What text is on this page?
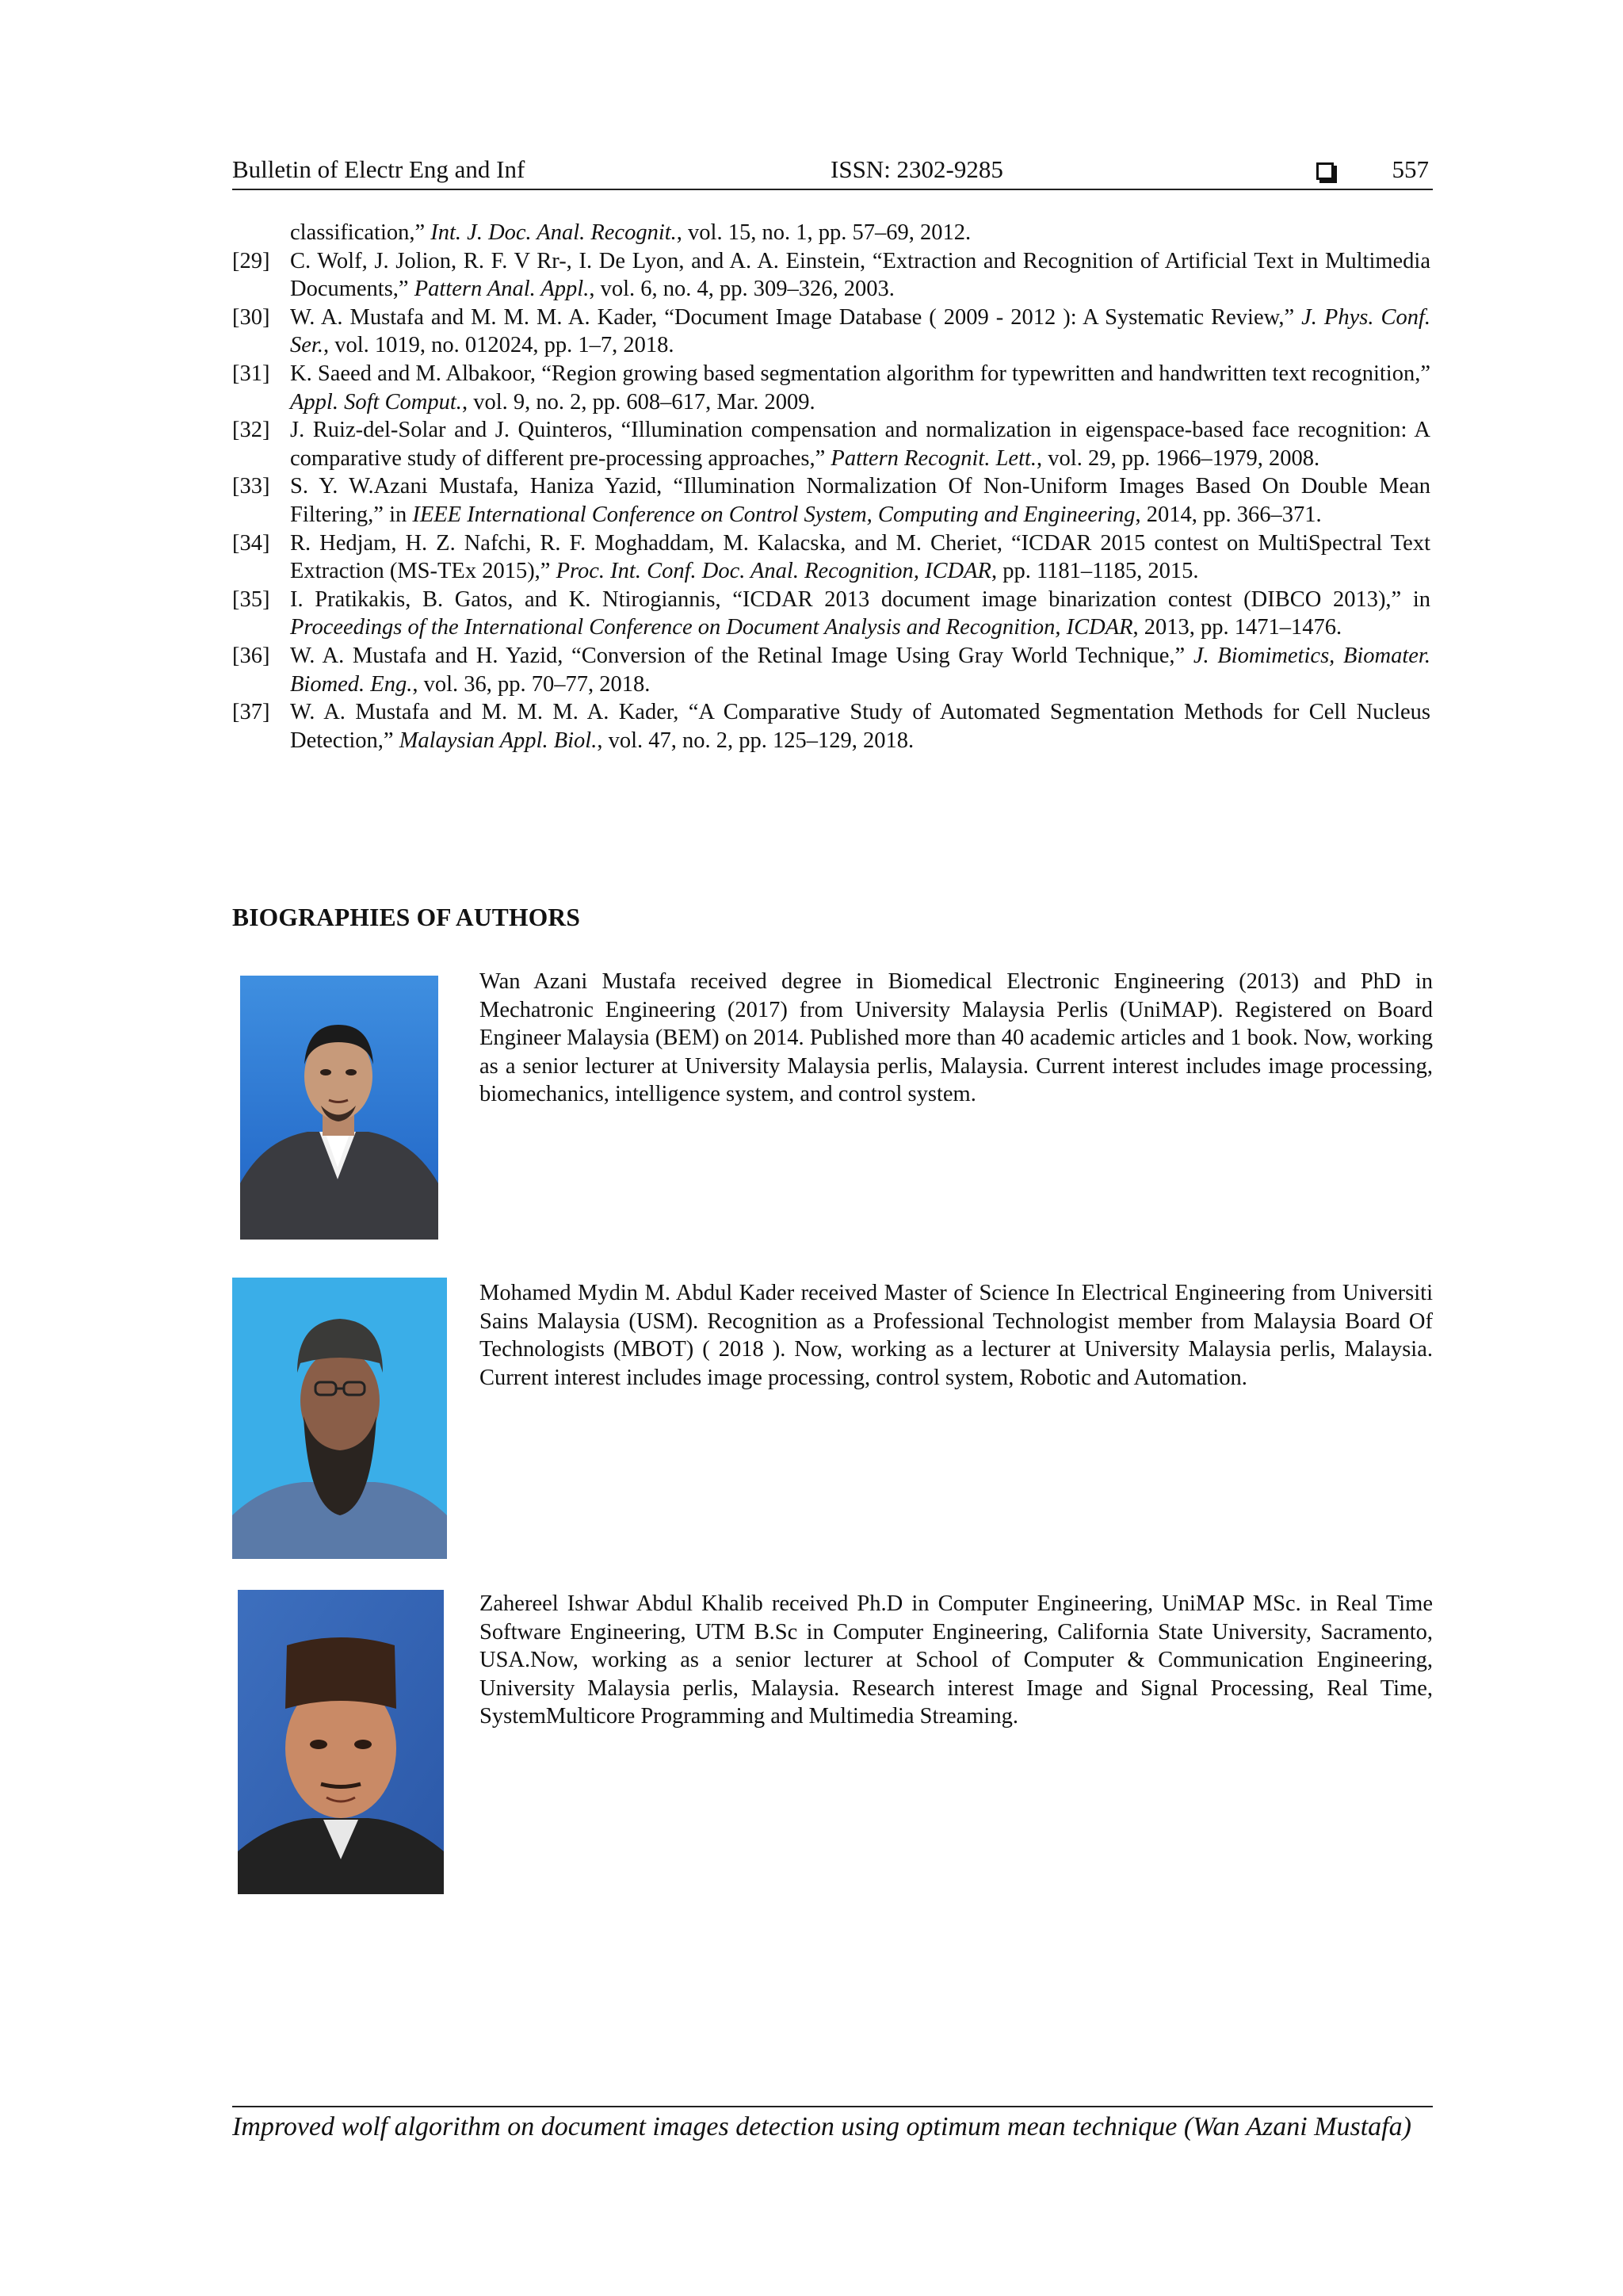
Bulletin of Electr Eng and Inf	ISSN: 2302-9285	557
classification,” Int. J. Doc. Anal. Recognit., vol. 15, no. 1, pp. 57–69, 2012.
[29] C. Wolf, J. Jolion, R. F. V Rr-, I. De Lyon, and A. A. Einstein, “Extraction and Recognition of Artificial Text in Multimedia Documents,” Pattern Anal. Appl., vol. 6, no. 4, pp. 309–326, 2003.
[30] W. A. Mustafa and M. M. M. A. Kader, “Document Image Database ( 2009 - 2012 ): A Systematic Review,” J. Phys. Conf. Ser., vol. 1019, no. 012024, pp. 1–7, 2018.
[31] K. Saeed and M. Albakoor, “Region growing based segmentation algorithm for typewritten and handwritten text recognition,” Appl. Soft Comput., vol. 9, no. 2, pp. 608–617, Mar. 2009.
[32] J. Ruiz-del-Solar and J. Quinteros, “Illumination compensation and normalization in eigenspace-based face recognition: A comparative study of different pre-processing approaches,” Pattern Recognit. Lett., vol. 29, pp. 1966–1979, 2008.
[33] S. Y. W.Azani Mustafa, Haniza Yazid, “Illumination Normalization Of Non-Uniform Images Based On Double Mean Filtering,” in IEEE International Conference on Control System, Computing and Engineering, 2014, pp. 366–371.
[34] R. Hedjam, H. Z. Nafchi, R. F. Moghaddam, M. Kalacska, and M. Cheriet, “ICDAR 2015 contest on MultiSpectral Text Extraction (MS-TEx 2015),” Proc. Int. Conf. Doc. Anal. Recognition, ICDAR, pp. 1181–1185, 2015.
[35] I. Pratikakis, B. Gatos, and K. Ntirogiannis, “ICDAR 2013 document image binarization contest (DIBCO 2013),” in Proceedings of the International Conference on Document Analysis and Recognition, ICDAR, 2013, pp. 1471–1476.
[36] W. A. Mustafa and H. Yazid, “Conversion of the Retinal Image Using Gray World Technique,” J. Biomimetics, Biomater. Biomed. Eng., vol. 36, pp. 70–77, 2018.
[37] W. A. Mustafa and M. M. M. A. Kader, “A Comparative Study of Automated Segmentation Methods for Cell Nucleus Detection,” Malaysian Appl. Biol., vol. 47, no. 2, pp. 125–129, 2018.
BIOGRAPHIES OF AUTHORS
Wan Azani Mustafa received degree in Biomedical Electronic Engineering (2013) and PhD in Mechatronic Engineering (2017) from University Malaysia Perlis (UniMAP). Registered on Board Engineer Malaysia (BEM) on 2014. Published more than 40 academic articles and 1 book. Now, working as a senior lecturer at University Malaysia perlis, Malaysia. Current interest includes image processing, biomechanics, intelligence system, and control system.
Mohamed Mydin M. Abdul Kader received Master of Science In Electrical Engineering from Universiti Sains Malaysia (USM). Recognition as a Professional Technologist member from Malaysia Board Of Technologists (MBOT) ( 2018 ). Now, working as a lecturer at University Malaysia perlis, Malaysia. Current interest includes image processing, control system, Robotic and Automation.
Zahereel Ishwar Abdul Khalib received Ph.D in Computer Engineering, UniMAP MSc. in Real Time Software Engineering, UTM B.Sc in Computer Engineering, California State University, Sacramento, USA.Now, working as a senior lecturer at School of Computer & Communication Engineering, University Malaysia perlis, Malaysia. Research interest Image and Signal Processing, Real Time, SystemMulticore Programming and Multimedia Streaming.
Improved wolf algorithm on document images detection using optimum mean technique (Wan Azani Mustafa)
